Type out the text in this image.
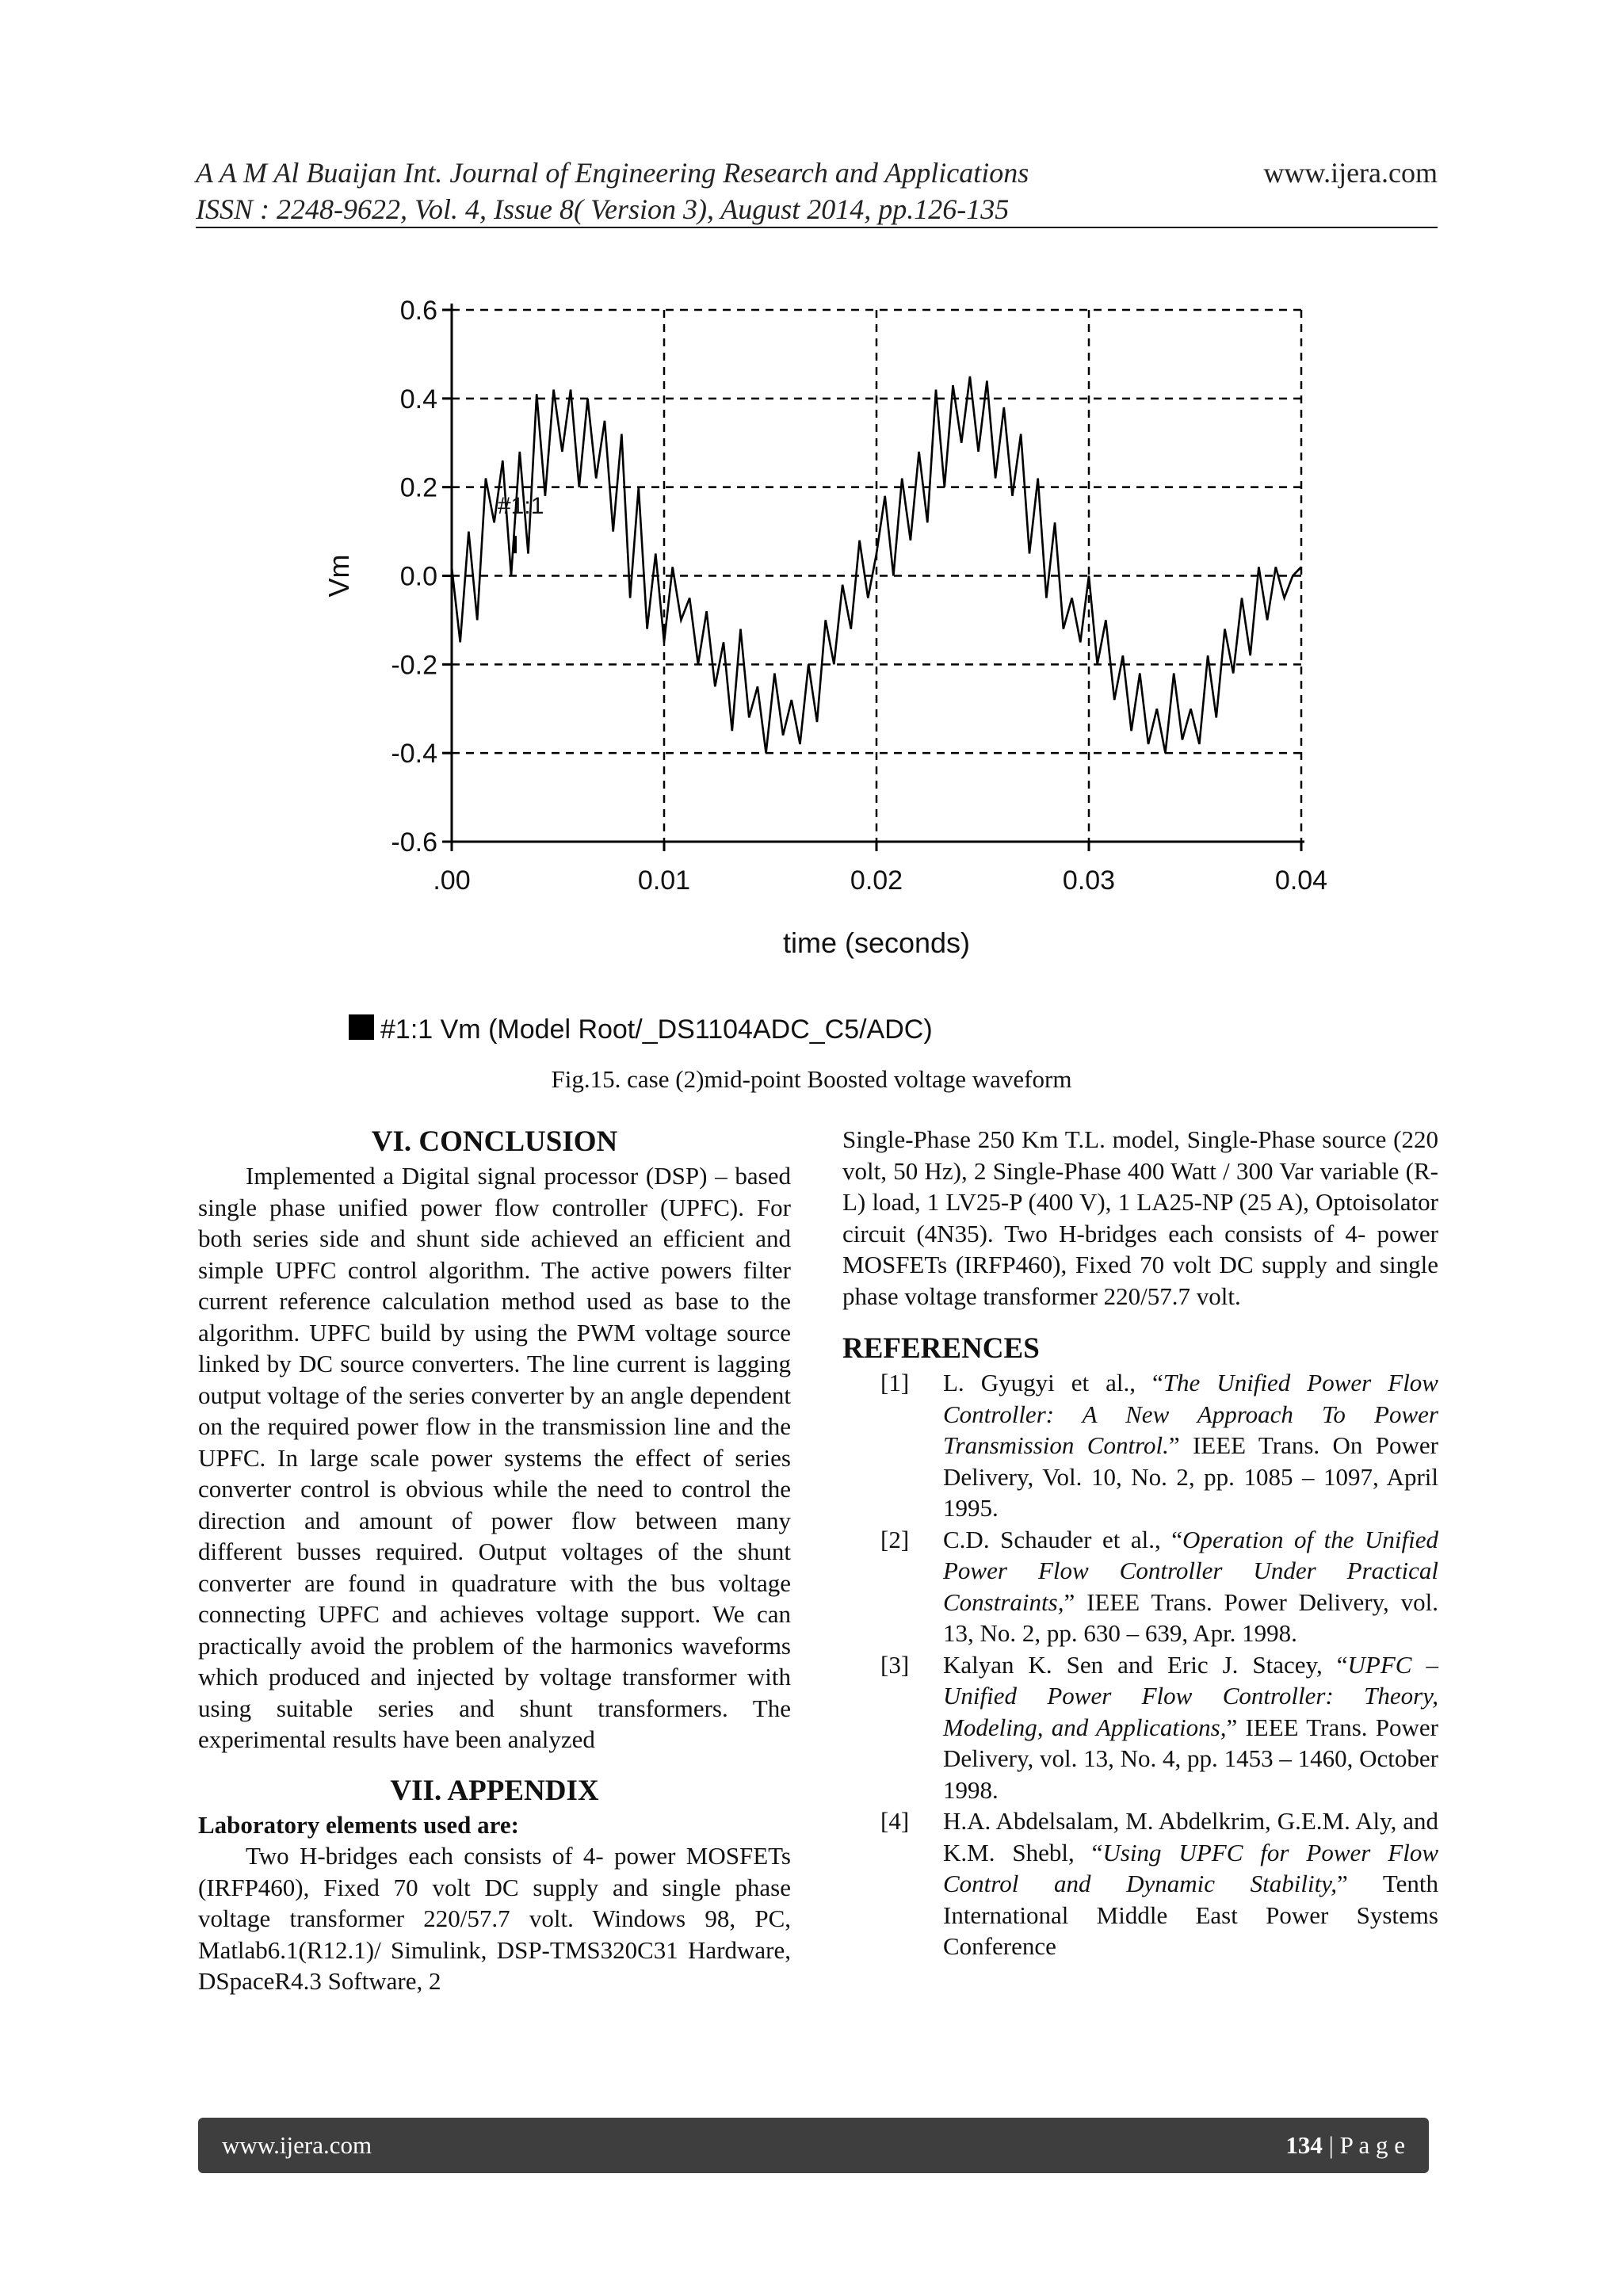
A A M Al Buaijan Int. Journal of Engineering Research and Applications
ISSN : 2248-9622, Vol. 4, Issue 8( Version 3), August 2014, pp.126-135
www.ijera.com
0.6
0.4
0.2
0.0
-0.2
-0.4
-0.6
.00	0.01	0.02	0.03	0.04
time (seconds)
Vm
#1:1
#1:1 Vm (Model Root/_DS1104ADC_C5/ADC)
Fig.15. case (2)mid-point Boosted voltage waveform
VI. CONCLUSION

Implemented a Digital signal processor (DSP) – based single phase unified power flow controller (UPFC). For both series side and shunt side achieved an efficient and simple UPFC control algorithm. The active powers filter current reference calculation method used as base to the algorithm. UPFC build by using the PWM voltage source linked by DC source converters. The line current is lagging output voltage of the series converter by an angle dependent on the required power flow in the transmission line and the UPFC. In large scale power systems the effect of series converter control is obvious while the need to control the direction and amount of power flow between many different busses required. Output voltages of the shunt converter are found in quadrature with the bus voltage connecting UPFC and achieves voltage support. We can practically avoid the problem of the harmonics waveforms which produced and injected by voltage transformer with using suitable series and shunt transformers. The experimental results have been analyzed

VII. APPENDIX
Laboratory elements used are:

Two H-bridges each consists of 4- power MOSFETs (IRFP460), Fixed 70 volt DC supply and single phase voltage transformer 220/57.7 volt. Windows 98, PC, Matlab6.1(R12.1)/ Simulink, DSP-TMS320C31 Hardware, DSpaceR4.3 Software, 2

Single-Phase 250 Km T.L. model, Single-Phase source (220 volt, 50 Hz), 2 Single-Phase 400 Watt / 300 Var variable (R-L) load, 1 LV25-P (400 V), 1 LA25-NP (25 A), Optoisolator circuit (4N35). Two H-bridges each consists of 4- power MOSFETs (IRFP460), Fixed 70 volt DC supply and single phase voltage transformer 220/57.7 volt.

REFERENCES
[1]	L. Gyugyi et al., “The Unified Power Flow Controller: A New Approach To Power Transmission Control.” IEEE Trans. On Power Delivery, Vol. 10, No. 2, pp. 1085 – 1097, April 1995.
[2]	C.D. Schauder et al., “Operation of the Unified Power Flow Controller Under Practical Constraints,” IEEE Trans. Power Delivery, vol. 13, No. 2, pp. 630 – 639, Apr. 1998.
[3]	Kalyan K. Sen and Eric J. Stacey, “UPFC – Unified Power Flow Controller: Theory, Modeling, and Applications,” IEEE Trans. Power Delivery, vol. 13, No. 4, pp. 1453 – 1460, October 1998.
[4]	H.A. Abdelsalam, M. Abdelkrim, G.E.M. Aly, and K.M. Shebl, “Using UPFC for Power Flow Control and Dynamic Stability,” Tenth International Middle East Power Systems Conference
www.ijera.com	134 | P a g e
